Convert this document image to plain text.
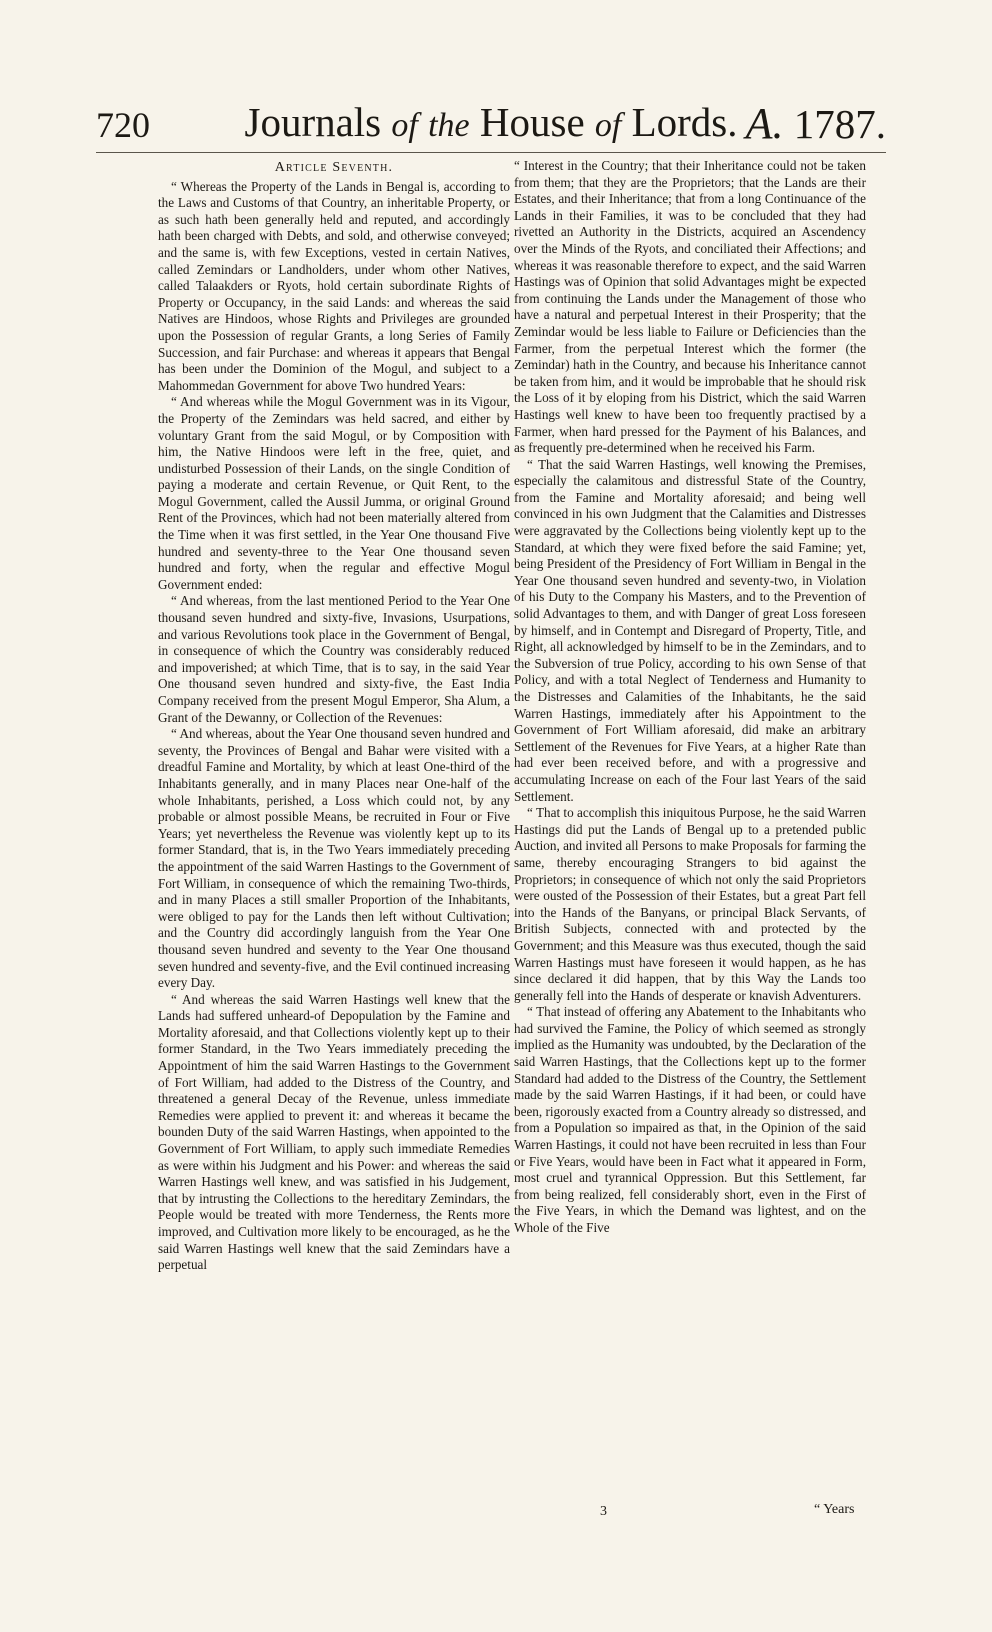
720	Journals of the House of Lords. A. 1787.
Article Seventh.

“ Whereas the Property of the Lands in Bengal is, according to the Laws and Customs of that Country, an inheritable Property, or as such hath been generally held and reputed, and accordingly hath been charged with Debts, and sold, and otherwise conveyed; and the same is, with few Exceptions, vested in certain Natives, called Zemindars or Landholders, under whom other Natives, called Talaakders or Ryots, hold certain subordinate Rights of Property or Occupancy, in the said Lands: and whereas the said Natives are Hindoos, whose Rights and Privileges are grounded upon the Possession of regular Grants, a long Series of Family Succession, and fair Purchase: and whereas it appears that Bengal has been under the Dominion of the Mogul, and subject to a Mahommedan Government for above Two hundred Years:

“ And whereas while the Mogul Government was in its Vigour, the Property of the Zemindars was held sacred, and either by voluntary Grant from the said Mogul, or by Composition with him, the Native Hindoos were left in the free, quiet, and undisturbed Possession of their Lands, on the single Condition of paying a moderate and certain Revenue, or Quit Rent, to the Mogul Government, called the Aussil Jumma, or original Ground Rent of the Provinces, which had not been materially altered from the Time when it was first settled, in the Year One thousand Five hundred and seventy-three to the Year One thousand seven hundred and forty, when the regular and effective Mogul Government ended:

“ And whereas, from the last mentioned Period to the Year One thousand seven hundred and sixty-five, Invasions, Usurpations, and various Revolutions took place in the Government of Bengal, in consequence of which the Country was considerably reduced and impoverished; at which Time, that is to say, in the said Year One thousand seven hundred and sixty-five, the East India Company received from the present Mogul Emperor, Sha Alum, a Grant of the Dewanny, or Collection of the Revenues:

“ And whereas, about the Year One thousand seven hundred and seventy, the Provinces of Bengal and Bahar were visited with a dreadful Famine and Mortality, by which at least One-third of the Inhabitants generally, and in many Places near One-half of the whole Inhabitants, perished, a Loss which could not, by any probable or almost possible Means, be recruited in Four or Five Years; yet nevertheless the Revenue was violently kept up to its former Standard, that is, in the Two Years immediately preceding the appointment of the said Warren Hastings to the Government of Fort William, in consequence of which the remaining Two-thirds, and in many Places a still smaller Proportion of the Inhabitants, were obliged to pay for the Lands then left without Cultivation; and the Country did accordingly languish from the Year One thousand seven hundred and seventy to the Year One thousand seven hundred and seventy-five, and the Evil continued increasing every Day.

“ And whereas the said Warren Hastings well knew that the Lands had suffered unheard-of Depopulation by the Famine and Mortality aforesaid, and that Collections violently kept up to their former Standard, in the Two Years immediately preceding the Appointment of him the said Warren Hastings to the Government of Fort William, had added to the Distress of the Country, and threatened a general Decay of the Revenue, unless immediate Remedies were applied to prevent it: and whereas it became the bounden Duty of the said Warren Hastings, when appointed to the Government of Fort William, to apply such immediate Remedies as were within his Judgment and his Power: and whereas the said Warren Hastings well knew, and was satisfied in his Judgement, that by intrusting the Collections to the hereditary Zemindars, the People would be treated with more Tenderness, the Rents more improved, and Cultivation more likely to be encouraged, as he the said Warren Hastings well knew that the said Zemindars have a perpetual

“ Interest in the Country; that their Inheritance could not be taken from them; that they are the Proprietors; that the Lands are their Estates, and their Inheritance; that from a long Continuance of the Lands in their Families, it was to be concluded that they had rivetted an Authority in the Districts, acquired an Ascendency over the Minds of the Ryots, and conciliated their Affections; and whereas it was reasonable therefore to expect, and the said Warren Hastings was of Opinion that solid Advantages might be expected from continuing the Lands under the Management of those who have a natural and perpetual Interest in their Prosperity; that the Zemindar would be less liable to Failure or Deficiencies than the Farmer, from the perpetual Interest which the former (the Zemindar) hath in the Country, and because his Inheritance cannot be taken from him, and it would be improbable that he should risk the Loss of it by eloping from his District, which the said Warren Hastings well knew to have been too frequently practised by a Farmer, when hard pressed for the Payment of his Balances, and as frequently pre-determined when he received his Farm.

“ That the said Warren Hastings, well knowing the Premises, especially the calamitous and distressful State of the Country, from the Famine and Mortality aforesaid; and being well convinced in his own Judgment that the Calamities and Distresses were aggravated by the Collections being violently kept up to the Standard, at which they were fixed before the said Famine; yet, being President of the Presidency of Fort William in Bengal in the Year One thousand seven hundred and seventy-two, in Violation of his Duty to the Company his Masters, and to the Prevention of solid Advantages to them, and with Danger of great Loss foreseen by himself, and in Contempt and Disregard of Property, Title, and Right, all acknowledged by himself to be in the Zemindars, and to the Subversion of true Policy, according to his own Sense of that Policy, and with a total Neglect of Tenderness and Humanity to the Distresses and Calamities of the Inhabitants, he the said Warren Hastings, immediately after his Appointment to the Government of Fort William aforesaid, did make an arbitrary Settlement of the Revenues for Five Years, at a higher Rate than had ever been received before, and with a progressive and accumulating Increase on each of the Four last Years of the said Settlement.

“ That to accomplish this iniquitous Purpose, he the said Warren Hastings did put the Lands of Bengal up to a pretended public Auction, and invited all Persons to make Proposals for farming the same, thereby encouraging Strangers to bid against the Proprietors; in consequence of which not only the said Proprietors were ousted of the Possession of their Estates, but a great Part fell into the Hands of the Banyans, or principal Black Servants, of British Subjects, connected with and protected by the Government; and this Measure was thus executed, though the said Warren Hastings must have foreseen it would happen, as he has since declared it did happen, that by this Way the Lands too generally fell into the Hands of desperate or knavish Adventurers.

“ That instead of offering any Abatement to the Inhabitants who had survived the Famine, the Policy of which seemed as strongly implied as the Humanity was undoubted, by the Declaration of the said Warren Hastings, that the Collections kept up to the former Standard had added to the Distress of the Country, the Settlement made by the said Warren Hastings, if it had been, or could have been, rigorously exacted from a Country already so distressed, and from a Population so impaired as that, in the Opinion of the said Warren Hastings, it could not have been recruited in less than Four or Five Years, would have been in Fact what it appeared in Form, most cruel and tyrannical Oppression. But this Settlement, far from being realized, fell considerably short, even in the First of the Five Years, in which the Demand was lightest, and on the Whole of the Five

3	“ Years
